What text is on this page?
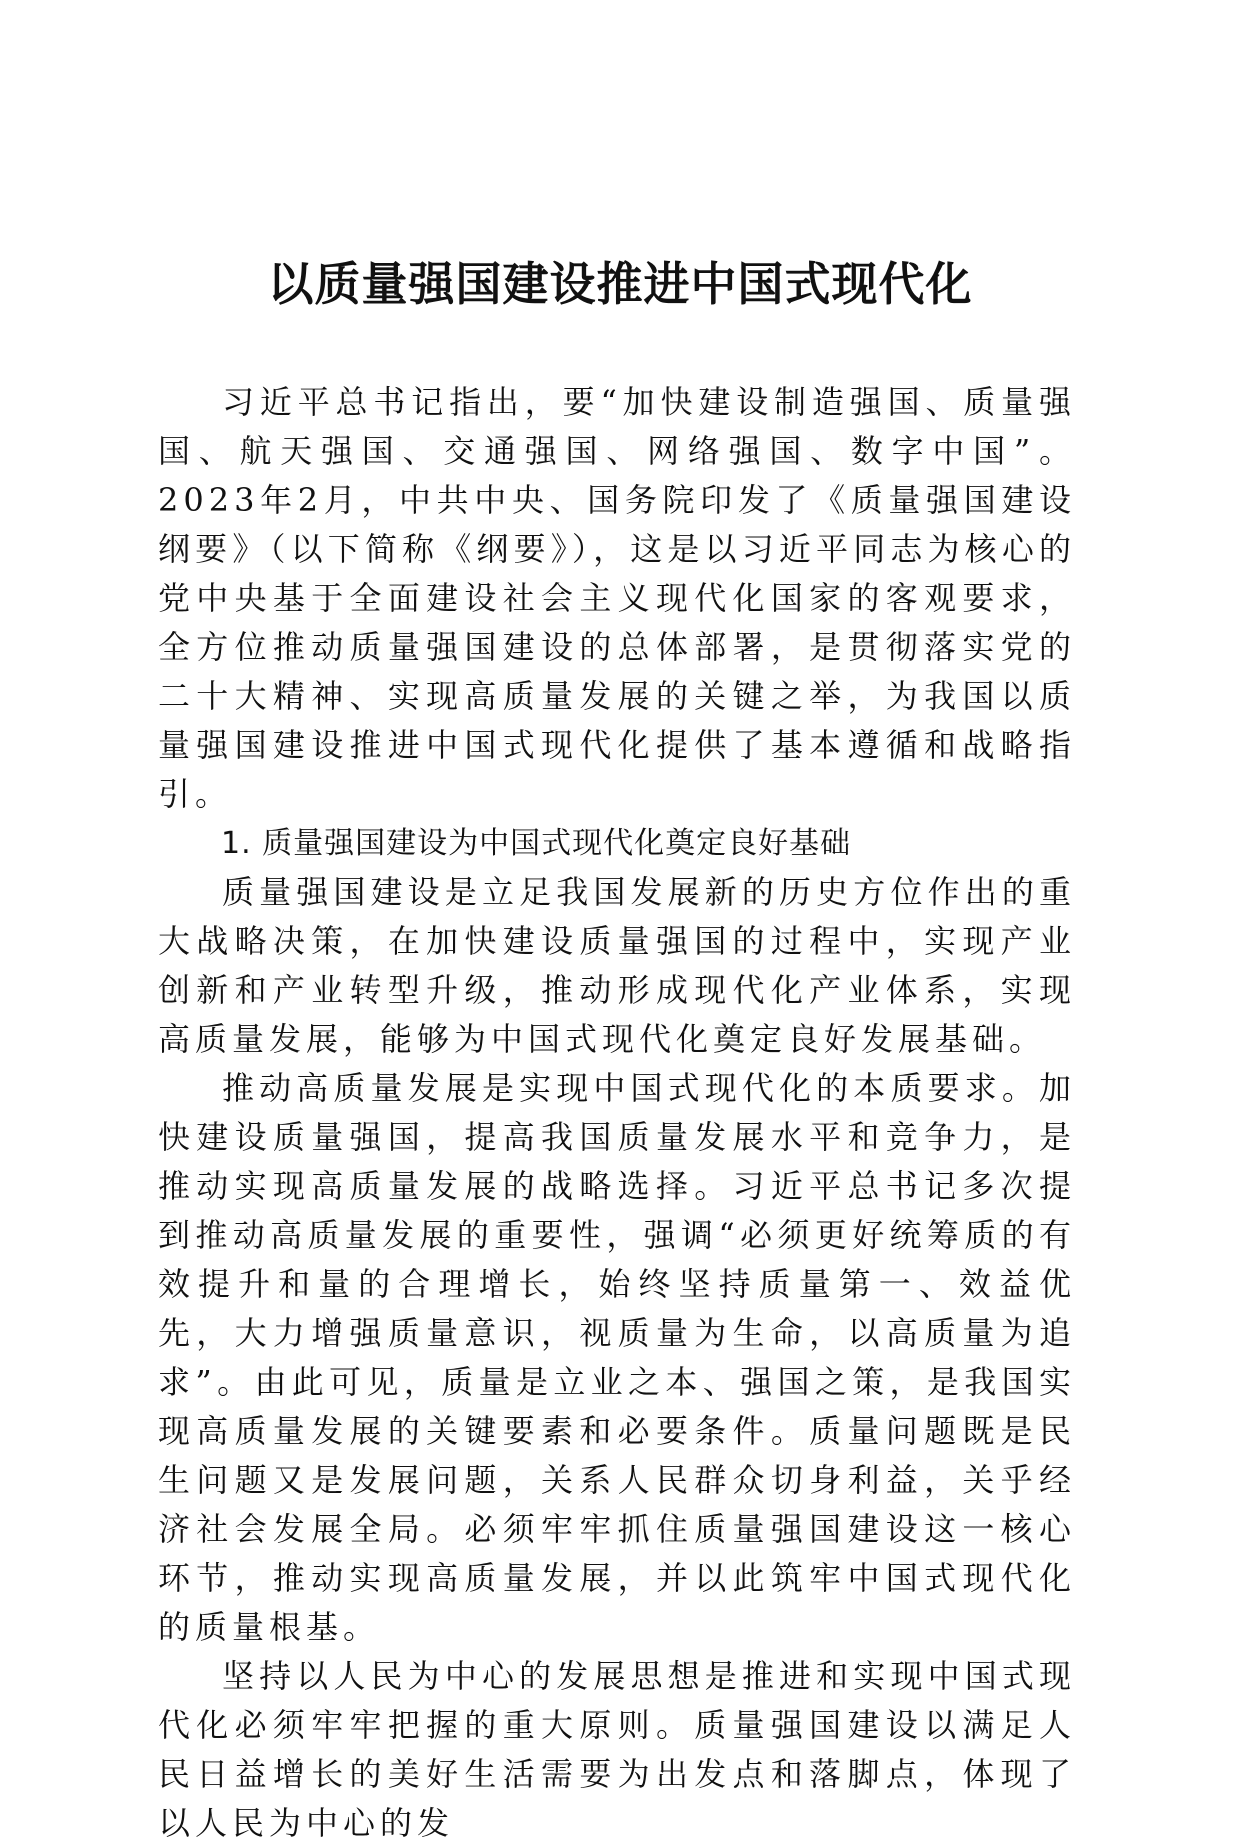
以质量强国建设推进中国式现代化

习近平总书记指出，要“加快建设制造强国、质量强国、航天强国、交通强国、网络强国、数字中国”。2023年2月，中共中央、国务院印发了《质量强国建设纲要》（以下简称《纲要》），这是以习近平同志为核心的党中央基于全面建设社会主义现代化国家的客观要求，全方位推动质量强国建设的总体部署，是贯彻落实党的二十大精神、实现高质量发展的关键之举，为我国以质量强国建设推进中国式现代化提供了基本遵循和战略指引。

1. 质量强国建设为中国式现代化奠定良好基础

质量强国建设是立足我国发展新的历史方位作出的重大战略决策，在加快建设质量强国的过程中，实现产业创新和产业转型升级，推动形成现代化产业体系，实现高质量发展，能够为中国式现代化奠定良好发展基础。

推动高质量发展是实现中国式现代化的本质要求。加快建设质量强国，提高我国质量发展水平和竞争力，是推动实现高质量发展的战略选择。习近平总书记多次提到推动高质量发展的重要性，强调“必须更好统筹质的有效提升和量的合理增长，始终坚持质量第一、效益优先，大力增强质量意识，视质量为生命，以高质量为追求”。由此可见，质量是立业之本、强国之策，是我国实现高质量发展的关键要素和必要条件。质量问题既是民生问题又是发展问题，关系人民群众切身利益，关乎经济社会发展全局。必须牢牢抓住质量强国建设这一核心环节，推动实现高质量发展，并以此筑牢中国式现代化的质量根基。

坚持以人民为中心的发展思想是推进和实现中国式现代化必须牢牢把握的重大原则。质量强国建设以满足人民日益增长的美好生活需要为出发点和落脚点，体现了以人民为中心的发
